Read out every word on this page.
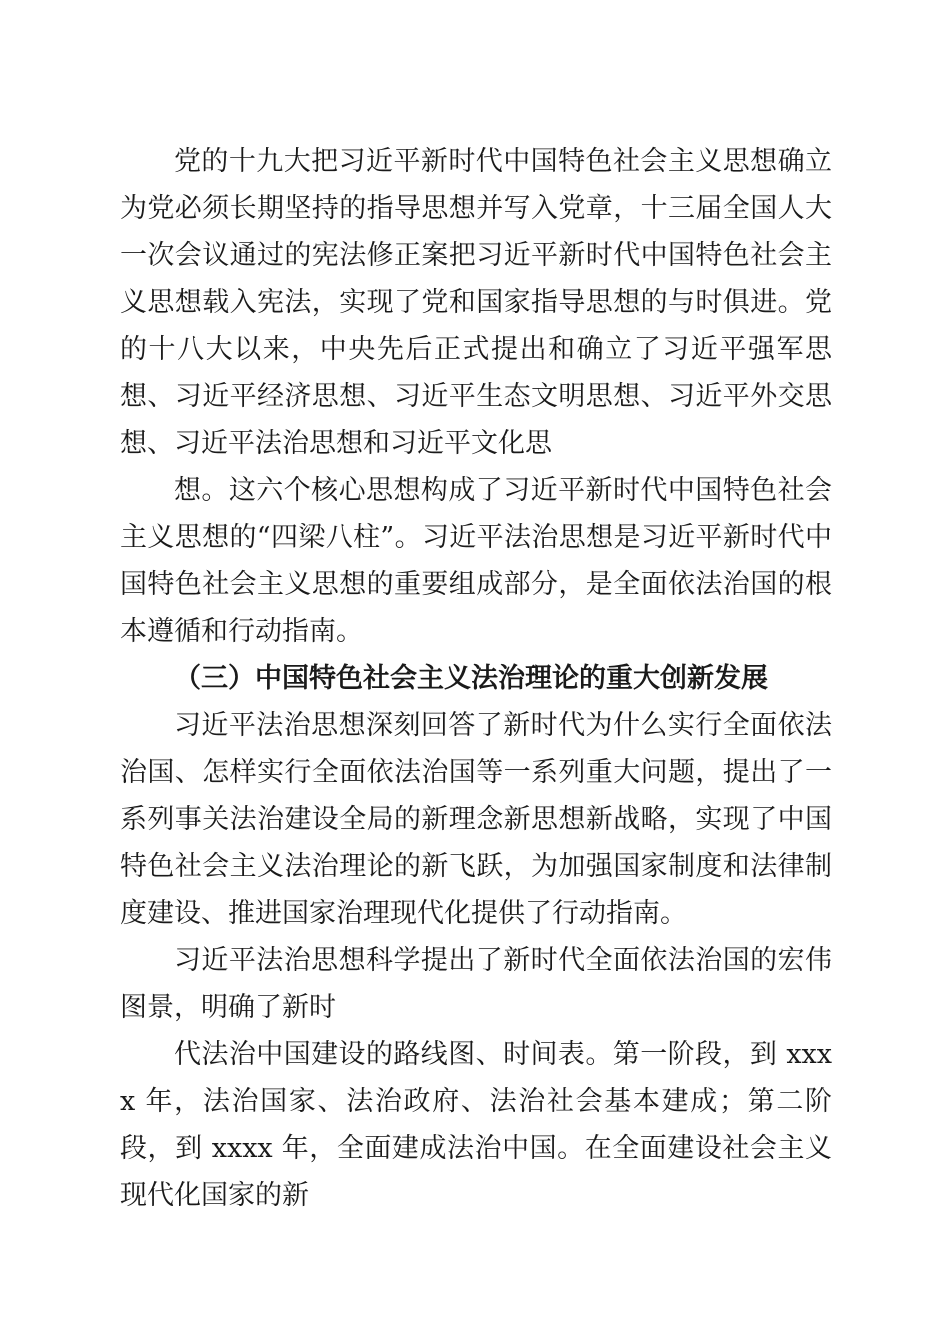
党的十九大把习近平新时代中国特色社会主义思想确立为党必须长期坚持的指导思想并写入党章，十三届全国人大一次会议通过的宪法修正案把习近平新时代中国特色社会主义思想载入宪法，实现了党和国家指导思想的与时俱进。党的十八大以来，中央先后正式提出和确立了习近平强军思想、习近平经济思想、习近平生态文明思想、习近平外交思想、习近平法治思想和习近平文化思

想。这六个核心思想构成了习近平新时代中国特色社会主义思想的“四梁八柱”。习近平法治思想是习近平新时代中国特色社会主义思想的重要组成部分，是全面依法治国的根本遵循和行动指南。

（三）中国特色社会主义法治理论的重大创新发展

习近平法治思想深刻回答了新时代为什么实行全面依法治国、怎样实行全面依法治国等一系列重大问题，提出了一系列事关法治建设全局的新理念新思想新战略，实现了中国特色社会主义法治理论的新飞跃，为加强国家制度和法律制度建设、推进国家治理现代化提供了行动指南。

习近平法治思想科学提出了新时代全面依法治国的宏伟图景，明确了新时

代法治中国建设的路线图、时间表。第一阶段，到 xxxx 年，法治国家、法治政府、法治社会基本建成；第二阶段，到 xxxx 年，全面建成法治中国。在全面建设社会主义现代化国家的新
